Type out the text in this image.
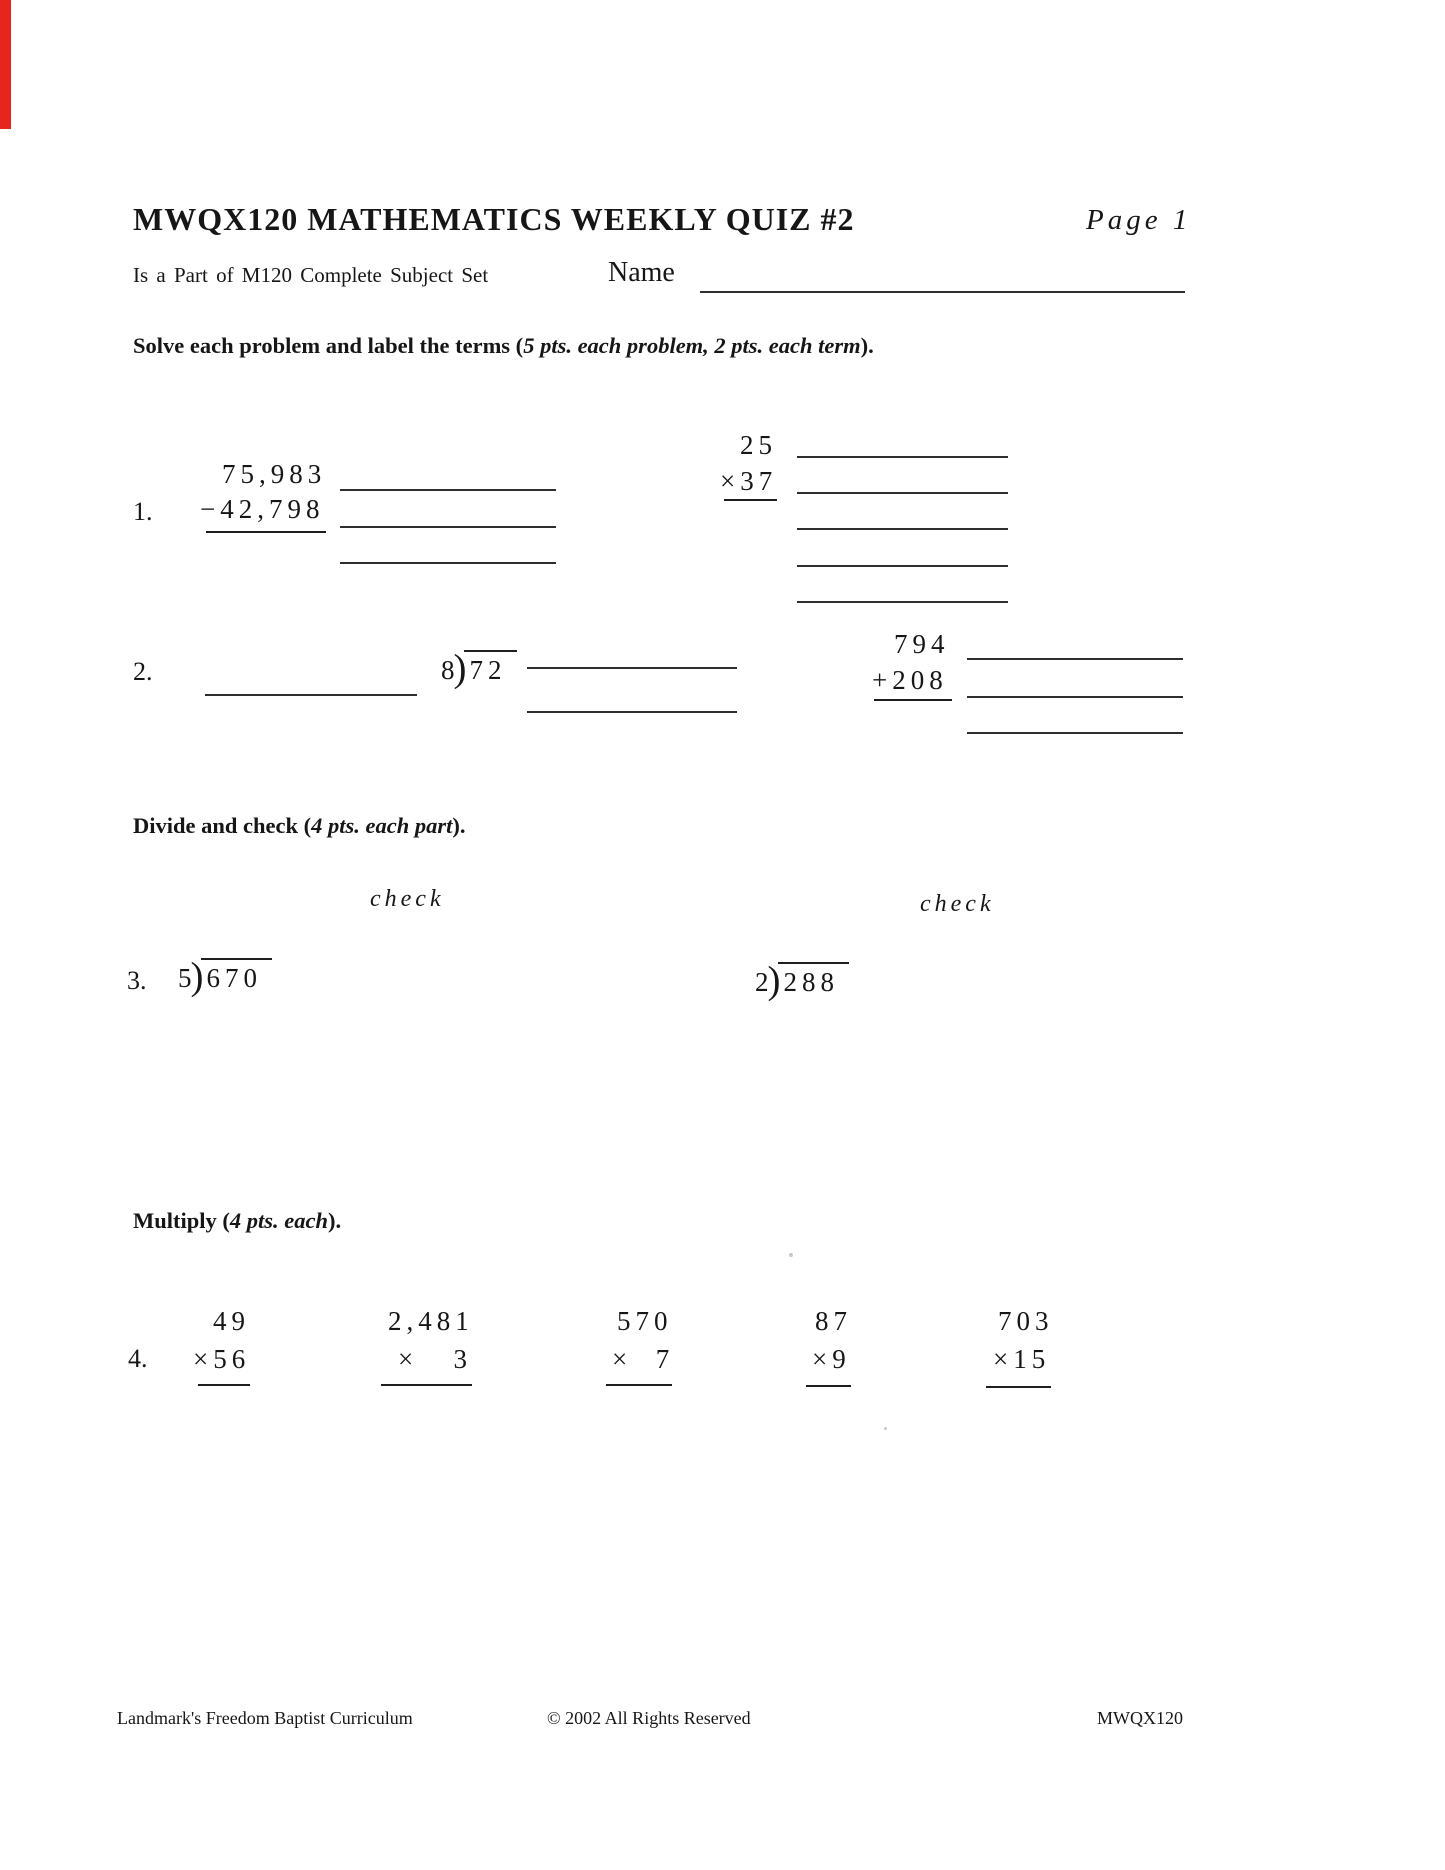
MWQX120 MATHEMATICS WEEKLY QUIZ #2	Page 1
Is a Part of M120 Complete Subject Set	Name
Solve each problem and label the terms (5 pts. each problem, 2 pts. each term).
1.
75,983
−42,798
25
×37
2.	8
) 72
794
+208
Divide and check (4 pts. each part).
check	check
3. 5
) 670	2
) 288
Multiply (4 pts. each).
4.
49
×56
2,481
×   3
570
×  7
87
×9
703
×15
Landmark's Freedom Baptist Curriculum	© 2002 All Rights Reserved	MWQX120
